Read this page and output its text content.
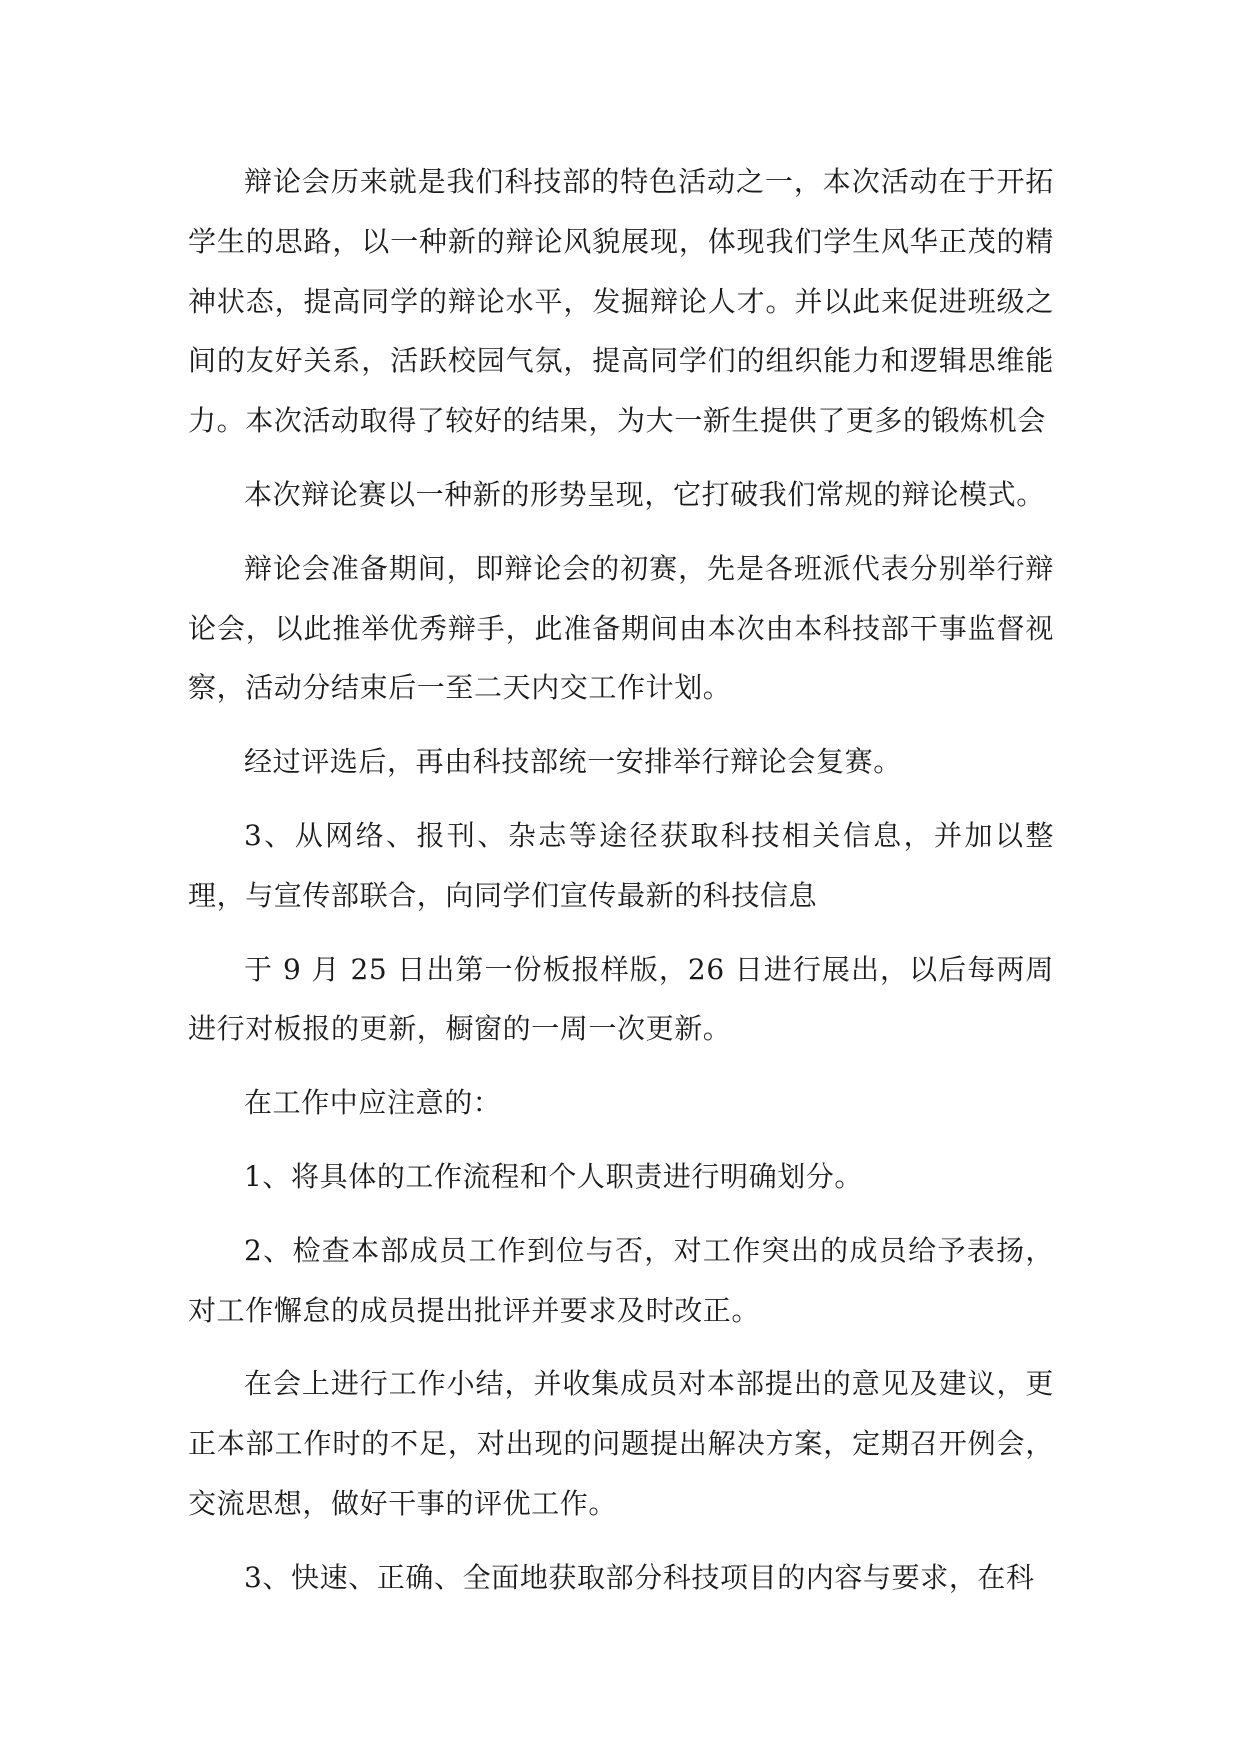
辩论会历来就是我们科技部的特色活动之一，本次活动在于开拓学生的思路，以一种新的辩论风貌展现，体现我们学生风华正茂的精神状态，提高同学的辩论水平，发掘辩论人才。并以此来促进班级之间的友好关系，活跃校园气氛，提高同学们的组织能力和逻辑思维能力。本次活动取得了较好的结果，为大一新生提供了更多的锻炼机会

本次辩论赛以一种新的形势呈现，它打破我们常规的辩论模式。

辩论会准备期间，即辩论会的初赛，先是各班派代表分别举行辩论会，以此推举优秀辩手，此准备期间由本次由本科技部干事监督视察，活动分结束后一至二天内交工作计划。

经过评选后，再由科技部统一安排举行辩论会复赛。

3、从网络、报刊、杂志等途径获取科技相关信息，并加以整理，与宣传部联合，向同学们宣传最新的科技信息

于 9 月 25 日出第一份板报样版，26 日进行展出，以后每两周进行对板报的更新，橱窗的一周一次更新。

在工作中应注意的：

1、将具体的工作流程和个人职责进行明确划分。

2、检查本部成员工作到位与否，对工作突出的成员给予表扬，对工作懈怠的成员提出批评并要求及时改正。

在会上进行工作小结，并收集成员对本部提出的意见及建议，更正本部工作时的不足，对出现的问题提出解决方案，定期召开例会，交流思想，做好干事的评优工作。

3、快速、正确、全面地获取部分科技项目的内容与要求，在科
